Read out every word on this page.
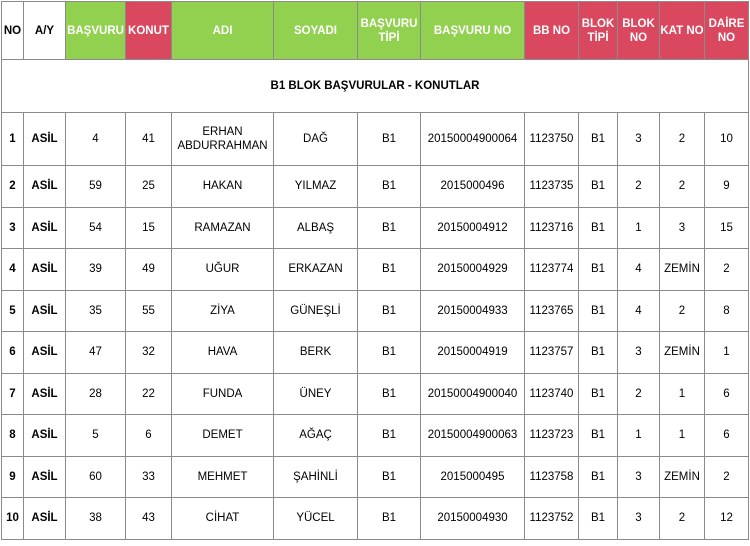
NO	A/Y	BAŞVURU	KONUT	ADI	SOYADI	BAŞVURU TİPİ	BAŞVURU NO	BB NO	BLOK TİPİ	BLOK NO	KAT NO	DAİRE NO
B1 BLOK BAŞVURULAR - KONUTLAR												
1	ASİL	4	41	ERHAN ABDURRAHMAN	DAĞ	B1	20150004900064	1123750	B1	3	2	10
2	ASİL	59	25	HAKAN	YILMAZ	B1	2015000496	1123735	B1	2	2	9
3	ASİL	54	15	RAMAZAN	ALBAŞ	B1	20150004912	1123716	B1	1	3	15
4	ASİL	39	49	UĞUR	ERKAZAN	B1	20150004929	1123774	B1	4	ZEMİN	2
5	ASİL	35	55	ZİYA	GÜNEŞLİ	B1	20150004933	1123765	B1	4	2	8
6	ASİL	47	32	HAVA	BERK	B1	20150004919	1123757	B1	3	ZEMİN	1
7	ASİL	28	22	FUNDA	ÜNEY	B1	20150004900040	1123740	B1	2	1	6
8	ASİL	5	6	DEMET	AĞAÇ	B1	20150004900063	1123723	B1	1	1	6
9	ASİL	60	33	MEHMET	ŞAHİNLİ	B1	2015000495	1123758	B1	3	ZEMİN	2
10	ASİL	38	43	CİHAT	YÜCEL	B1	20150004930	1123752	B1	3	2	12
